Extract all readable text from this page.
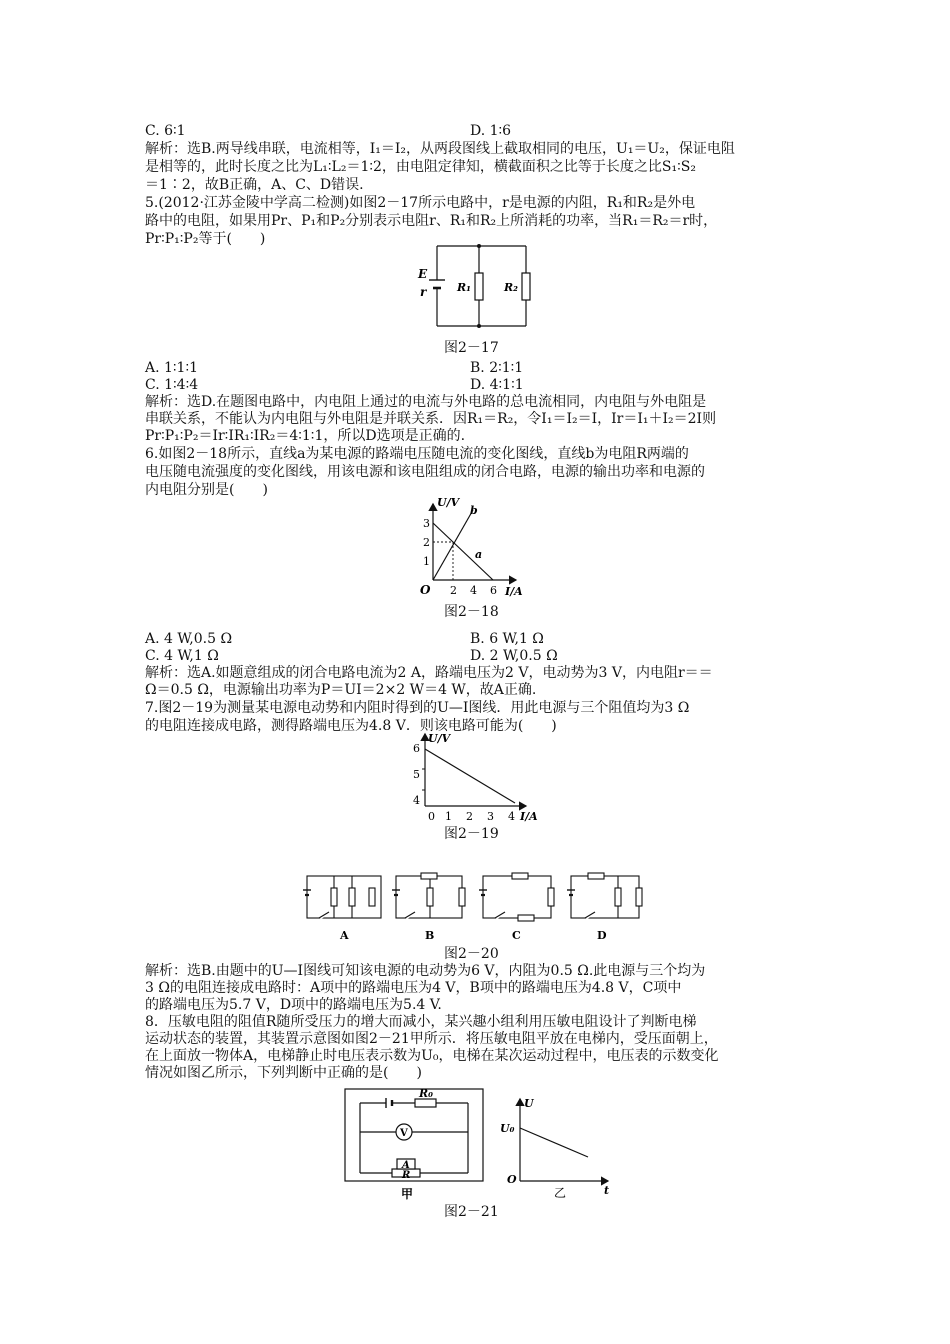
C. 6∶1	D. 1∶6
解析：选B.两导线串联，电流相等，I₁＝I₂，从两段图线上截取相同的电压，U₁＝U₂，保证电阻
是相等的，此时长度之比为L₁∶L₂＝1∶2，由电阻定律知，横截面积之比等于长度之比S₁∶S₂
＝1∶2，故B正确，A、C、D错误.
5.(2012·江苏金陵中学高二检测)如图2－17所示电路中，r是电源的内阻，R₁和R₂是外电
路中的电阻，如果用Pr、P₁和P₂分别表示电阻r、R₁和R₂上所消耗的功率，当R₁＝R₂＝r时，
Pr∶P₁∶P₂等于(　　)
E
r	R₁	R₂
图2－17
A. 1∶1∶1	B. 2∶1∶1
C. 1∶4∶4	D. 4∶1∶1
解析：选D.在题图电路中，内电阻上通过的电流与外电路的总电流相同，内电阻与外电阻是
串联关系，不能认为内电阻与外电阻是并联关系．因R₁＝R₂，令I₁＝I₂＝I，Ir＝I₁＋I₂＝2I则
Pr∶P₁∶P₂＝Ir∶IR₁∶IR₂＝4∶1∶1，所以D选项是正确的.
6.如图2－18所示，直线a为某电源的路端电压随电流的变化图线，直线b为电阻R两端的
电压随电流强度的变化图线，用该电源和该电阻组成的闭合电路，电源的输出功率和电源的
内电阻分别是(　　)
U/V
I/A
O
3
2
1
2 4 6
a
b
图2－18
A. 4 W,0.5 Ω	B. 6 W,1 Ω
C. 4 W,1 Ω	D. 2 W,0.5 Ω
解析：选A.如题意组成的闭合电路电流为2 A，路端电压为2 V，电动势为3 V，内电阻r＝＝
Ω＝0.5 Ω，电源输出功率为P＝UI＝2×2 W＝4 W，故A正确.
7.图2－19为测量某电源电动势和内阻时得到的U—I图线．用此电源与三个阻值均为3 Ω
的电阻连接成电路，测得路端电压为4.8 V．则该电路可能为(　　)
U/V
I/A
6
5
4
0 1 2 3 4
图2－19
A	B	C	D
图2－20
解析：选B.由题中的U—I图线可知该电源的电动势为6 V，内阻为0.5 Ω.此电源与三个均为
3 Ω的电阻连接成电路时：A项中的路端电压为4 V，B项中的路端电压为4.8 V，C项中
的路端电压为5.7 V，D项中的路端电压为5.4 V.
8．压敏电阻的阻值R随所受压力的增大而减小，某兴趣小组利用压敏电阻设计了判断电梯
运动状态的装置，其装置示意图如图2－21甲所示．将压敏电阻平放在电梯内，受压面朝上，
在上面放一物体A，电梯静止时电压表示数为U₀，电梯在某次运动过程中，电压表的示数变化
情况如图乙所示，下列判断中正确的是(　　)
R₀
V
A
R
甲
U
U₀
O
t
乙
图2－21
